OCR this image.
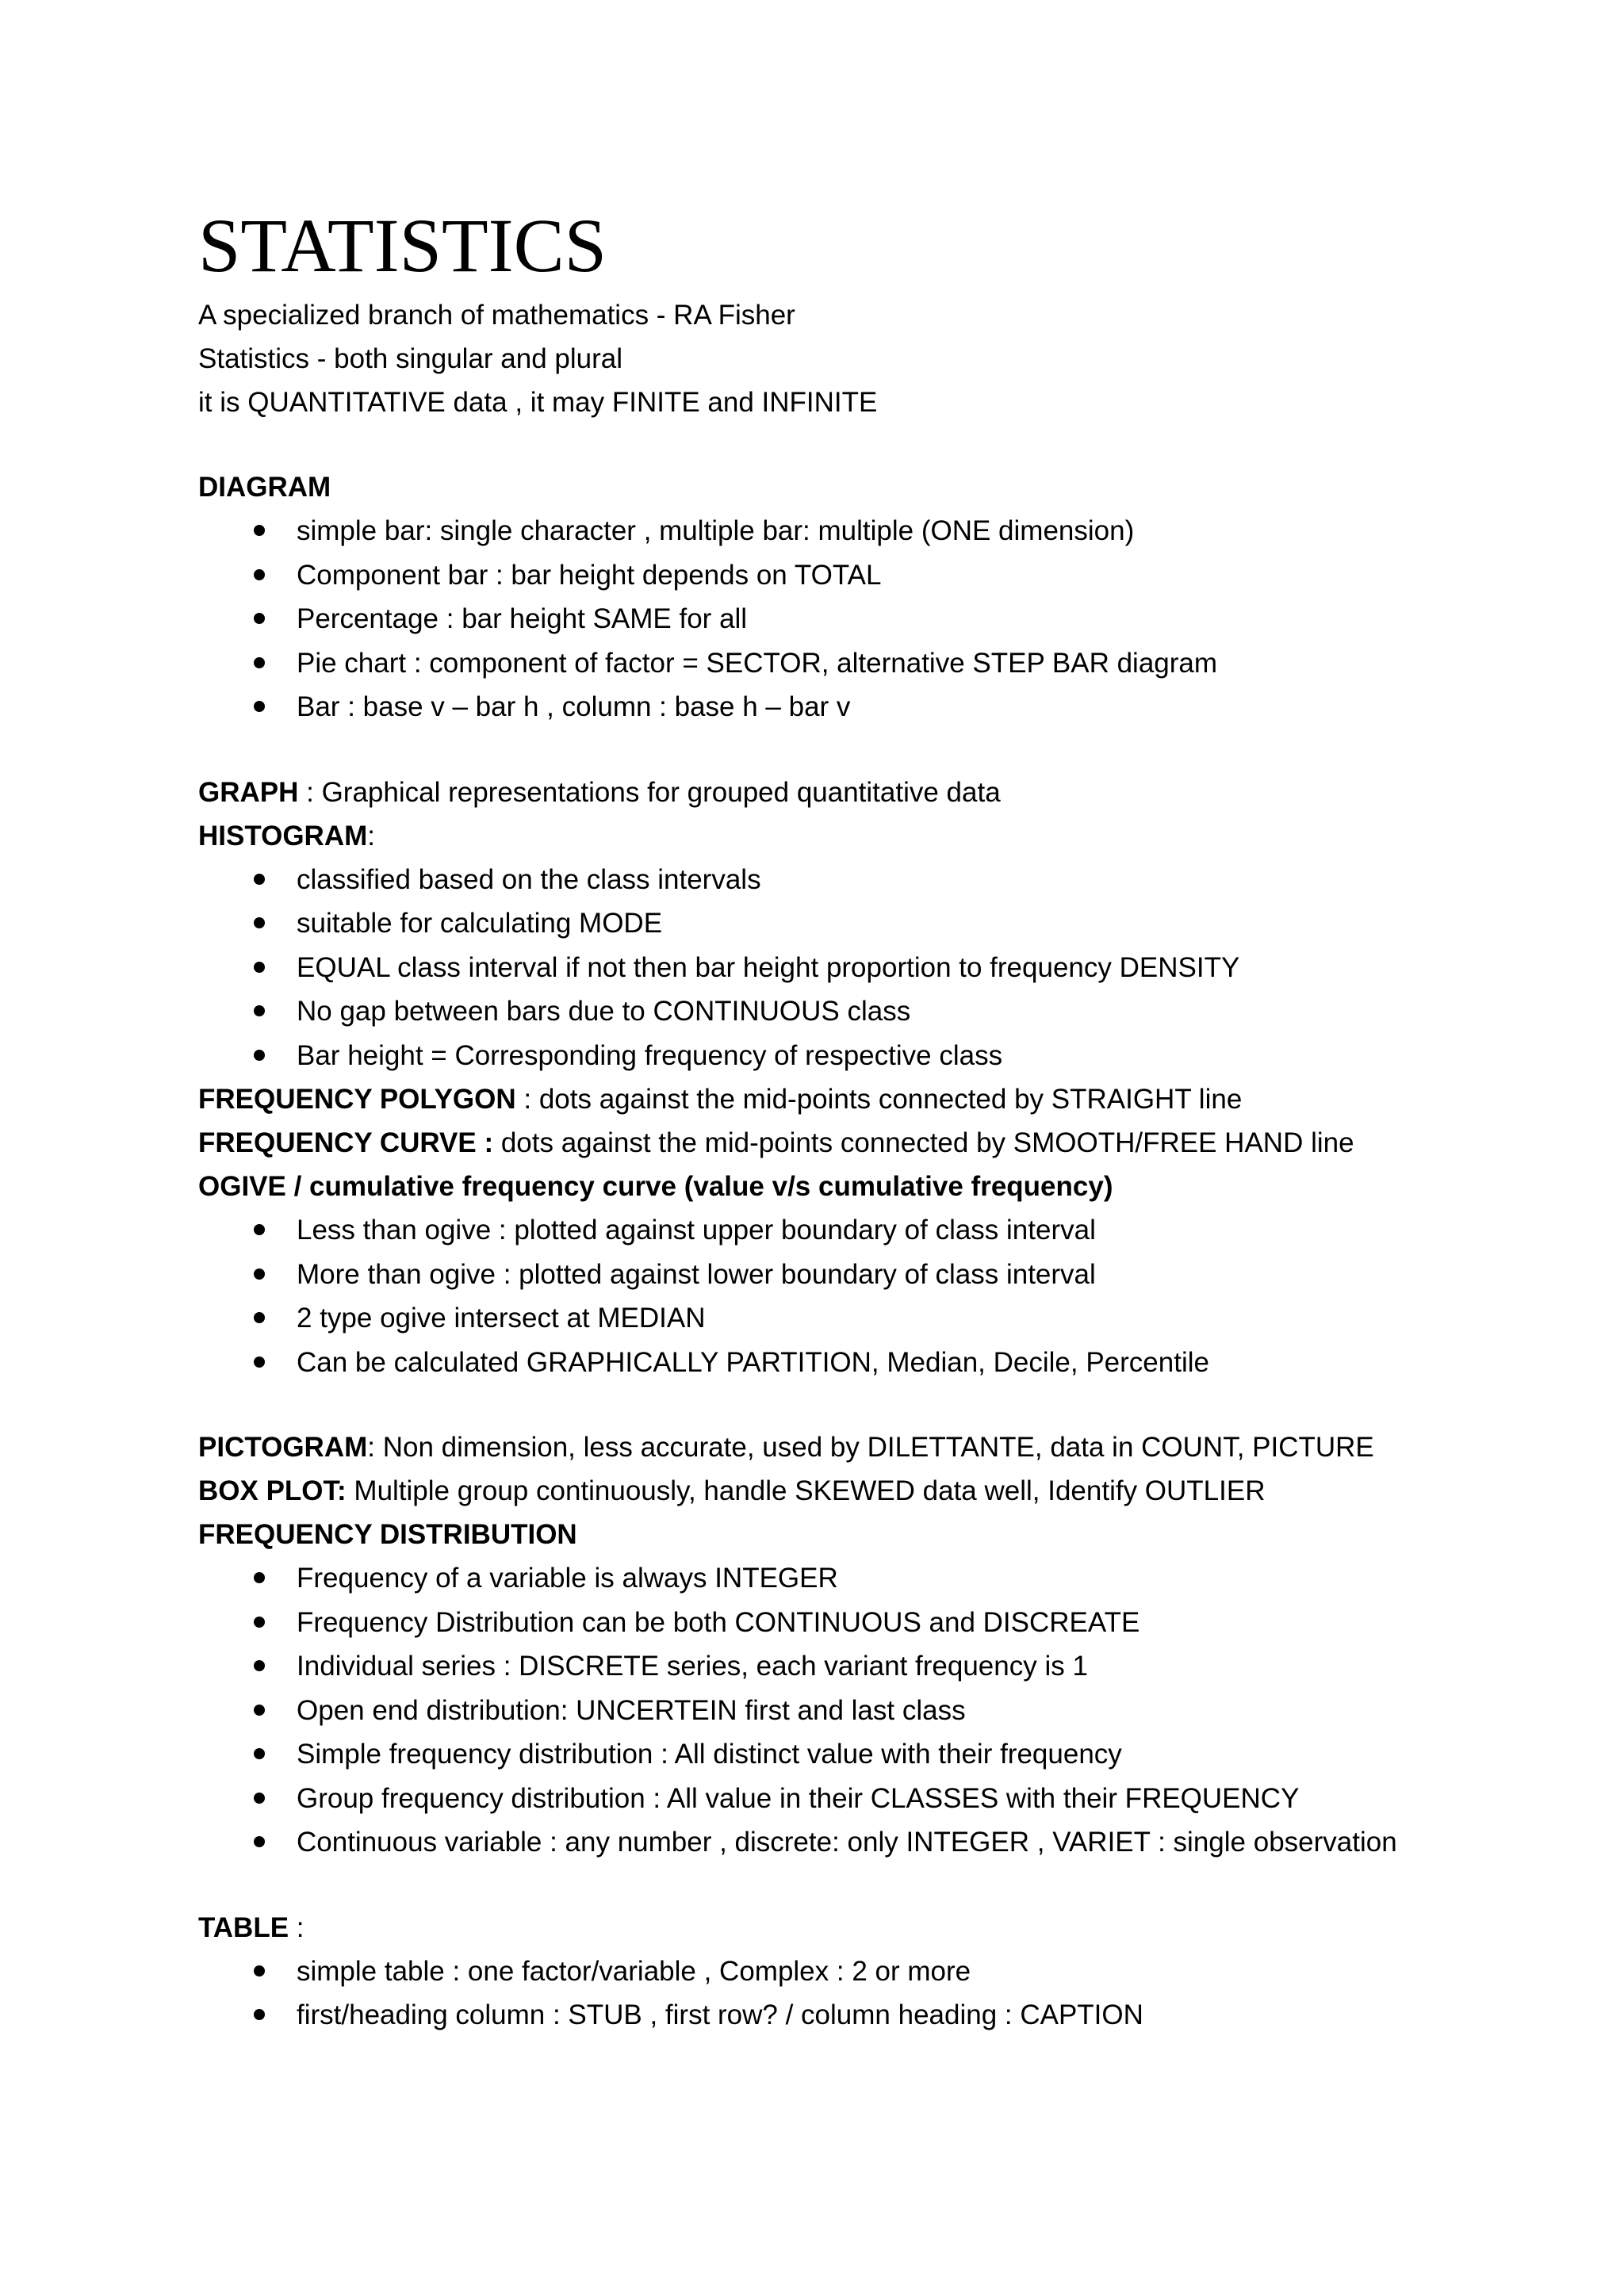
STATISTICS
A specialized branch of mathematics - RA Fisher
Statistics - both singular and plural
it is QUANTITATIVE data , it may FINITE and INFINITE
DIAGRAM
simple bar: single character , multiple bar: multiple (ONE dimension)
Component bar : bar height depends on TOTAL
Percentage : bar height SAME for all
Pie chart : component of factor = SECTOR, alternative STEP BAR diagram
Bar : base v – bar h , column : base h – bar v
GRAPH : Graphical representations for grouped quantitative data
HISTOGRAM:
classified based on the class intervals
suitable for calculating MODE
EQUAL class interval if not then bar height proportion to frequency DENSITY
No gap between bars due to CONTINUOUS class
Bar height = Corresponding frequency of respective class
FREQUENCY POLYGON : dots against the mid-points connected by STRAIGHT line
FREQUENCY CURVE : dots against the mid-points connected by SMOOTH/FREE HAND line
OGIVE / cumulative frequency curve (value v/s cumulative frequency)
Less than ogive : plotted against upper boundary of class interval
More than ogive : plotted against lower boundary of class interval
2 type ogive intersect at MEDIAN
Can be calculated GRAPHICALLY PARTITION, Median, Decile, Percentile
PICTOGRAM: Non dimension, less accurate, used by DILETTANTE, data in COUNT, PICTURE
BOX PLOT: Multiple group continuously, handle SKEWED data well, Identify OUTLIER
FREQUENCY DISTRIBUTION
Frequency of a variable is always INTEGER
Frequency Distribution can be both CONTINUOUS and DISCREATE
Individual series : DISCRETE series, each variant frequency is 1
Open end distribution: UNCERTEIN first and last class
Simple frequency distribution : All distinct value with their frequency
Group frequency distribution : All value in their CLASSES with their FREQUENCY
Continuous variable : any number , discrete: only INTEGER , VARIET : single observation
TABLE :
simple table : one factor/variable , Complex : 2 or more
first/heading column : STUB , first row? / column heading : CAPTION
